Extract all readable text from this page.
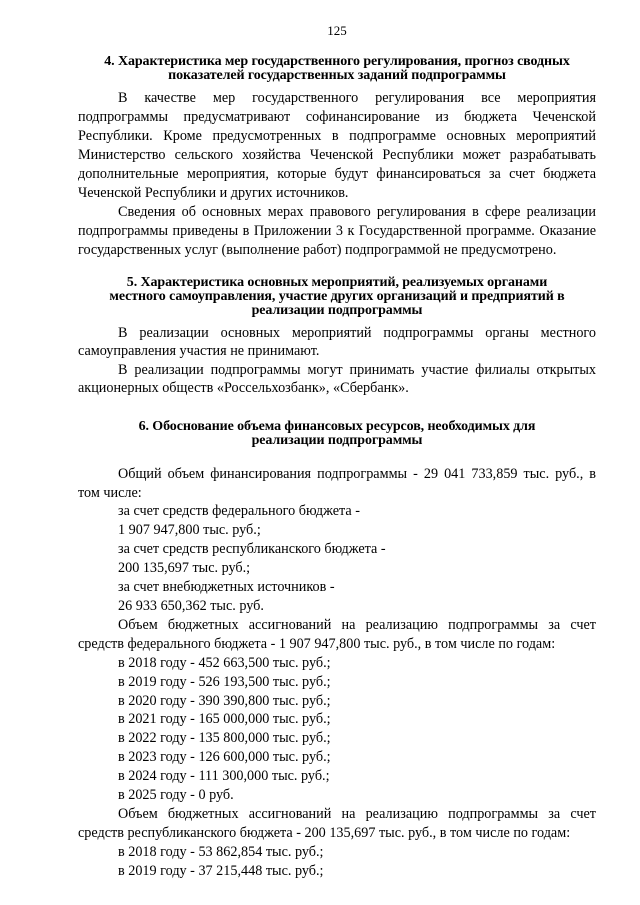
125
4. Характеристика мер государственного регулирования, прогноз сводных
показателей государственных заданий подпрограммы

В качестве мер государственного регулирования все мероприятия подпрограммы предусматривают софинансирование из бюджета Чеченской Республики. Кроме предусмотренных в подпрограмме основных мероприятий Министерство сельского хозяйства Чеченской Республики может разрабатывать дополнительные мероприятия, которые будут финансироваться за счет бюджета Чеченской Республики и других источников.

Сведения об основных мерах правового регулирования в сфере реализации подпрограммы приведены в Приложении 3 к Государственной программе. Оказание государственных услуг (выполнение работ) подпрограммой не предусмотрено.

5. Характеристика основных мероприятий, реализуемых органами
местного самоуправления, участие других организаций и предприятий в
реализации подпрограммы

В реализации основных мероприятий подпрограммы органы местного самоуправления участия не принимают.

В реализации подпрограммы могут принимать участие филиалы открытых акционерных обществ «Россельхозбанк», «Сбербанк».

6. Обоснование объема финансовых ресурсов, необходимых для
реализации подпрограммы

Общий объем финансирования подпрограммы - 29 041 733,859 тыс. руб., в том числе:

за счет средств федерального бюджета -
1 907 947,800 тыс. руб.;
за счет средств республиканского бюджета -
200 135,697 тыс. руб.;
за счет внебюджетных источников -
26 933 650,362 тыс. руб.

Объем бюджетных ассигнований на реализацию подпрограммы за счет средств федерального бюджета - 1 907 947,800 тыс. руб., в том числе по годам:

в 2018 году - 452 663,500 тыс. руб.;
в 2019 году - 526 193,500 тыс. руб.;
в 2020 году - 390 390,800 тыс. руб.;
в 2021 году - 165 000,000 тыс. руб.;
в 2022 году - 135 800,000 тыс. руб.;
в 2023 году - 126 600,000 тыс. руб.;
в 2024 году - 111 300,000 тыс. руб.;
в 2025 году - 0 руб.

Объем бюджетных ассигнований на реализацию подпрограммы за счет средств республиканского бюджета - 200 135,697 тыс. руб., в том числе по годам:

в 2018 году - 53 862,854 тыс. руб.;
в 2019 году - 37 215,448 тыс. руб.;
